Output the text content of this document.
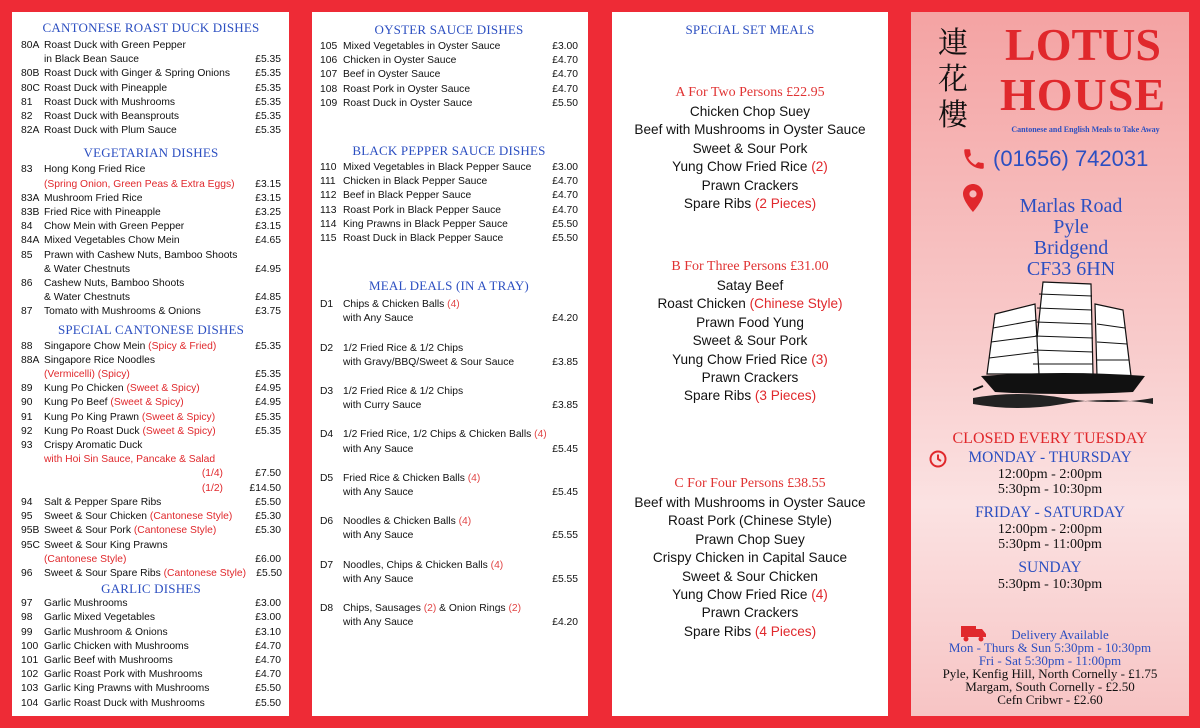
CANTONESE ROAST DUCK DISHES
80A Roast Duck with Green Pepper
in Black Bean Sauce	£5.35
80B Roast Duck with Ginger & Spring Onions	£5.35
80C Roast Duck with Pineapple	£5.35
81	Roast Duck with Mushrooms	£5.35
82	Roast Duck with Beansprouts	£5.35
82A Roast Duck with Plum Sauce	£5.35
VEGETARIAN DISHES
83	Hong Kong Fried Rice
(Spring Onion, Green Peas & Extra Eggs)	£3.15
83A Mushroom Fried Rice	£3.15
83B Fried Rice with Pineapple	£3.25
84	Chow Mein with Green Pepper	£3.15
84A Mixed Vegetables Chow Mein	£4.65
85	Prawn with Cashew Nuts, Bamboo Shoots
& Water Chestnuts	£4.95
86	Cashew Nuts, Bamboo Shoots
& Water Chestnuts	£4.85
87	Tomato with Mushrooms & Onions	£3.75
SPECIAL CANTONESE DISHES
88	Singapore Chow Mein (Spicy & Fried)	£5.35
88A Singapore Rice Noodles
(Vermicelli) (Spicy)	£5.35
89	Kung Po Chicken (Sweet & Spicy)	£4.95
90	Kung Po Beef (Sweet & Spicy)	£4.95
91	Kung Po King Prawn (Sweet & Spicy)	£5.35
92	Kung Po Roast Duck (Sweet & Spicy)	£5.35
93	Crispy Aromatic Duck
with Hoi Sin Sauce, Pancake & Salad
(1/4)	£7.50
(1/2)	£14.50
94	Salt & Pepper Spare Ribs	£5.50
95	Sweet & Sour Chicken (Cantonese Style)	£5.30
95B Sweet & Sour Pork (Cantonese Style)	£5.30
95C Sweet & Sour King Prawns
(Cantonese Style)	£6.00
96	Sweet & Sour Spare Ribs (Cantonese Style) £5.50
GARLIC DISHES
97	Garlic Mushrooms	£3.00
98	Garlic Mixed Vegetables	£3.00
99	Garlic Mushroom & Onions	£3.10
100 Garlic Chicken with Mushrooms	£4.70
101 Garlic Beef with Mushrooms	£4.70
102 Garlic Roast Pork with Mushrooms	£4.70
103 Garlic King Prawns with Mushrooms	£5.50
104 Garlic Roast Duck with Mushrooms	£5.50
OYSTER SAUCE DISHES
105 Mixed Vegetables in Oyster Sauce	£3.00
106 Chicken in Oyster Sauce	£4.70
107 Beef in Oyster Sauce	£4.70
108 Roast Pork in Oyster Sauce	£4.70
109 Roast Duck in Oyster Sauce	£5.50
BLACK PEPPER SAUCE DISHES
110 Mixed Vegetables in Black Pepper Sauce	£3.00
111 Chicken in Black Pepper Sauce	£4.70
112 Beef in Black Pepper Sauce	£4.70
113 Roast Pork in Black Pepper Sauce	£4.70
114 King Prawns in Black Pepper Sauce	£5.50
115 Roast Duck in Black Pepper Sauce	£5.50
MEAL DEALS (IN A TRAY)
D1 Chips & Chicken Balls (4)
with Any Sauce	£4.20
D2 1/2 Fried Rice & 1/2 Chips
with Gravy/BBQ/Sweet & Sour Sauce	£3.85
D3 1/2 Fried Rice & 1/2 Chips
with Curry Sauce	£3.85
D4 1/2 Fried Rice, 1/2 Chips & Chicken Balls (4)
with Any Sauce	£5.45
D5 Fried Rice & Chicken Balls (4)
with Any Sauce	£5.45
D6 Noodles & Chicken Balls (4)
with Any Sauce	£5.55
D7 Noodles, Chips & Chicken Balls (4)
with Any Sauce	£5.55
D8 Chips, Sausages (2) & Onion Rings (2)
with Any Sauce	£4.20
SPECIAL SET MEALS
A For Two Persons £22.95
Chicken Chop Suey
Beef with Mushrooms in Oyster Sauce
Sweet & Sour Pork
Yung Chow Fried Rice (2)
Prawn Crackers
Spare Ribs (2 Pieces)
B For Three Persons £31.00
Satay Beef
Roast Chicken (Chinese Style)
Prawn Food Yung
Sweet & Sour Pork
Yung Chow Fried Rice (3)
Prawn Crackers
Spare Ribs (3 Pieces)
C For Four Persons £38.55
Beef with Mushrooms in Oyster Sauce
Roast Pork (Chinese Style)
Prawn Chop Suey
Crispy Chicken in Capital Sauce
Sweet & Sour Chicken
Yung Chow Fried Rice (4)
Prawn Crackers
Spare Ribs (4 Pieces)
連
花
樓
LOTUS
HOUSE
Cantonese and English Meals to Take Away
(01656) 742031
Marlas Road
Pyle
Bridgend
CF33 6HN
CLOSED EVERY TUESDAY
MONDAY - THURSDAY
12:00pm - 2:00pm
5:30pm - 10:30pm
FRIDAY - SATURDAY
12:00pm - 2:00pm
5:30pm - 11:00pm
SUNDAY
5:30pm - 10:30pm
Delivery Available
Mon - Thurs & Sun 5:30pm - 10:30pm
Fri - Sat 5:30pm - 11:00pm
Pyle, Kenfig Hill, North Cornelly - £1.75
Margam, South Cornelly - £2.50
Cefn Cribwr - £2.60
